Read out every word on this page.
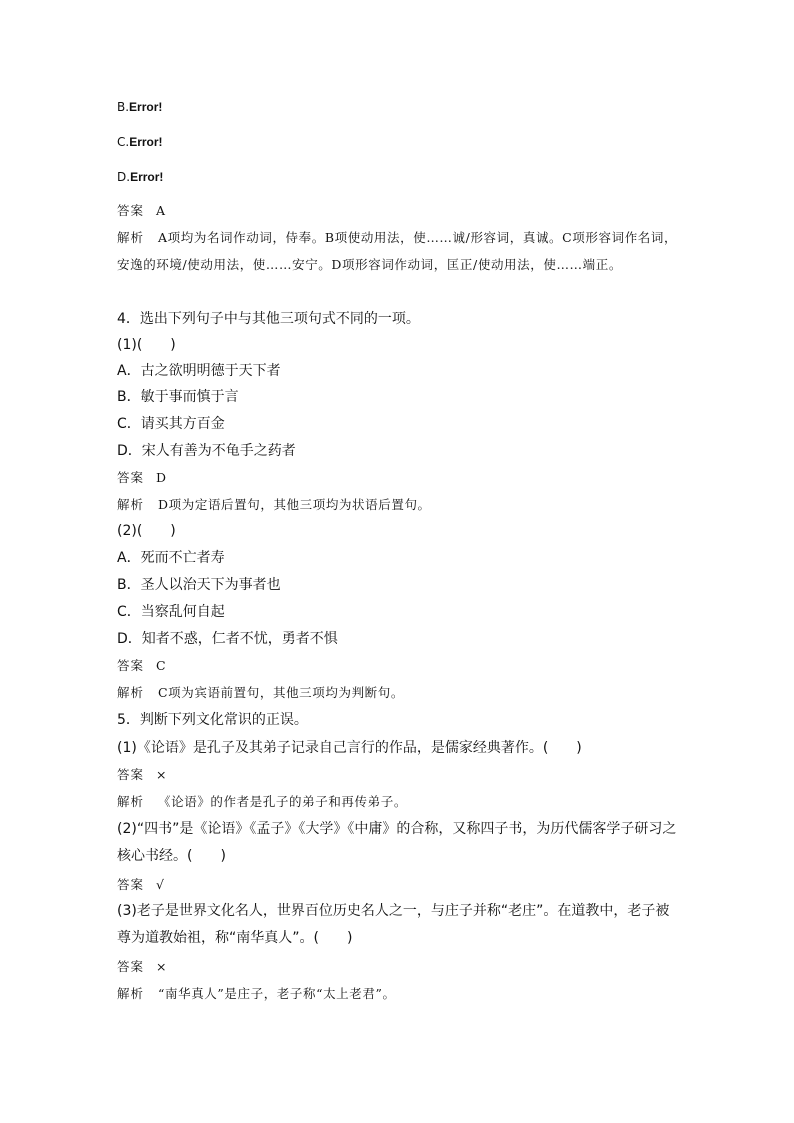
B.Error!
C.Error!
D.Error!
答案 A
解析 A项均为名词作动词，侍奉。B项使动用法，使……诚/形容词，真诚。C项形容词作名词，安逸的环境/使动用法，使……安宁。D项形容词作动词，匡正/使动用法，使……端正。
4．选出下列句子中与其他三项句式不同的一项。
(1)(　　)
A．古之欲明明德于天下者
B．敏于事而慎于言
C．请买其方百金
D．宋人有善为不龟手之药者
答案 D
解析 D项为定语后置句，其他三项均为状语后置句。
(2)(　　)
A．死而不亡者寿
B．圣人以治天下为事者也
C．当察乱何自起
D．知者不惑，仁者不忧，勇者不惧
答案 C
解析 C项为宾语前置句，其他三项均为判断句。
5．判断下列文化常识的正误。
(1)《论语》是孔子及其弟子记录自己言行的作品，是儒家经典著作。(　　)
答案 ×
解析 《论语》的作者是孔子的弟子和再传弟子。
(2)“四书”是《论语》《孟子》《大学》《中庸》的合称，又称四子书，为历代儒客学子研习之核心书经。(　　)
答案 √
(3)老子是世界文化名人，世界百位历史名人之一，与庄子并称“老庄”。在道教中，老子被尊为道教始祖，称“南华真人”。(　　)
答案 ×
解析 “南华真人”是庄子，老子称“太上老君”。
